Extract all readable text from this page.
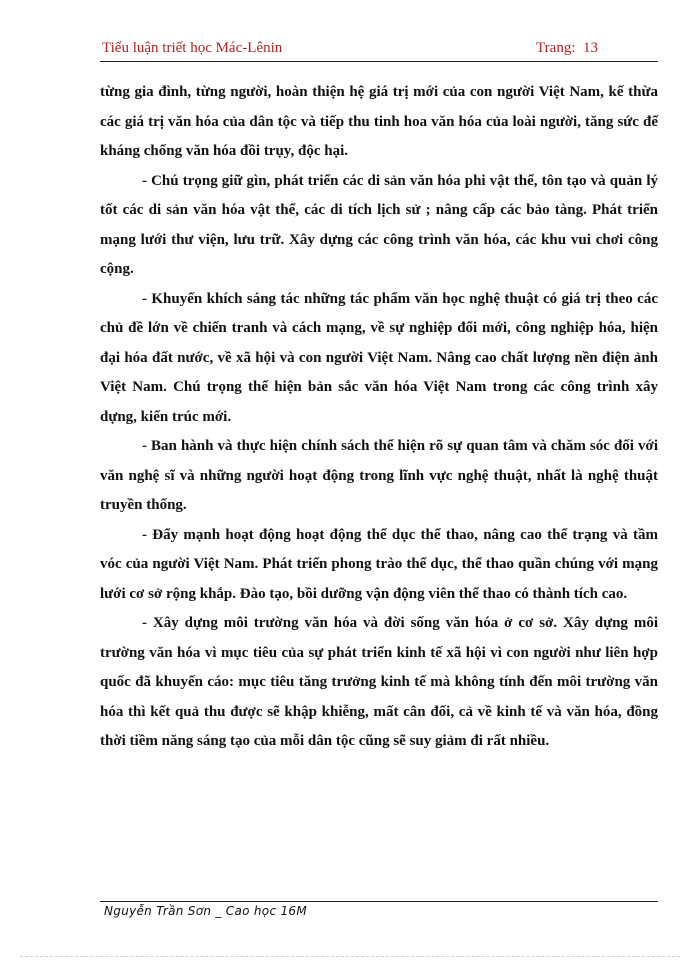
Tiểu luận triết học Mác-Lênin	Trang: 13

từng gia đình, từng người, hoàn thiện hệ giá trị mới của con người Việt Nam, kế thừa các giá trị văn hóa của dân tộc và tiếp thu tinh hoa văn hóa của loài người, tăng sức để kháng chống văn hóa đồi trụy, độc hại.

- Chú trọng giữ gìn, phát triển các di sản văn hóa phi vật thể, tôn tạo và quản lý tốt các di sản văn hóa vật thể, các di tích lịch sử ; nâng cấp các bảo tàng. Phát triển mạng lưới thư viện, lưu trữ. Xây dựng các công trình văn hóa, các khu vui chơi công cộng.

- Khuyến khích sáng tác những tác phẩm văn học nghệ thuật có giá trị theo các chủ đề lớn về chiến tranh và cách mạng, về sự nghiệp đổi mới, công nghiệp hóa, hiện đại hóa đất nước, về xã hội và con người Việt Nam. Nâng cao chất lượng nền điện ảnh Việt Nam. Chú trọng thể hiện bản sắc văn hóa Việt Nam trong các công trình xây dựng, kiến trúc mới.

- Ban hành và thực hiện chính sách thể hiện rõ sự quan tâm và chăm sóc đối với văn nghệ sĩ và những người hoạt động trong lĩnh vực nghệ thuật, nhất là nghệ thuật truyền thống.

- Đẩy mạnh hoạt động hoạt động thể dục thể thao, nâng cao thể trạng và tầm vóc của người Việt Nam. Phát triển phong trào thể dục, thể thao quần chúng với mạng lưới cơ sở rộng khắp. Đào tạo, bồi dưỡng vận động viên thể thao có thành tích cao.

- Xây dựng môi trường văn hóa và đời sống văn hóa ở cơ sở. Xây dựng môi trường văn hóa vì mục tiêu của sự phát triển kinh tế xã hội vì con người như liên hợp quốc đã khuyến cáo: mục tiêu tăng trưởng kinh tế mà không tính đến môi trường văn hóa thì kết quả thu được sẽ khập khiễng, mất cân đối, cả về kinh tế và văn hóa, đồng thời tiềm năng sáng tạo của mỗi dân tộc cũng sẽ suy giảm đi rất nhiều.

Nguyễn Trần Sơn _ Cao học 16M
